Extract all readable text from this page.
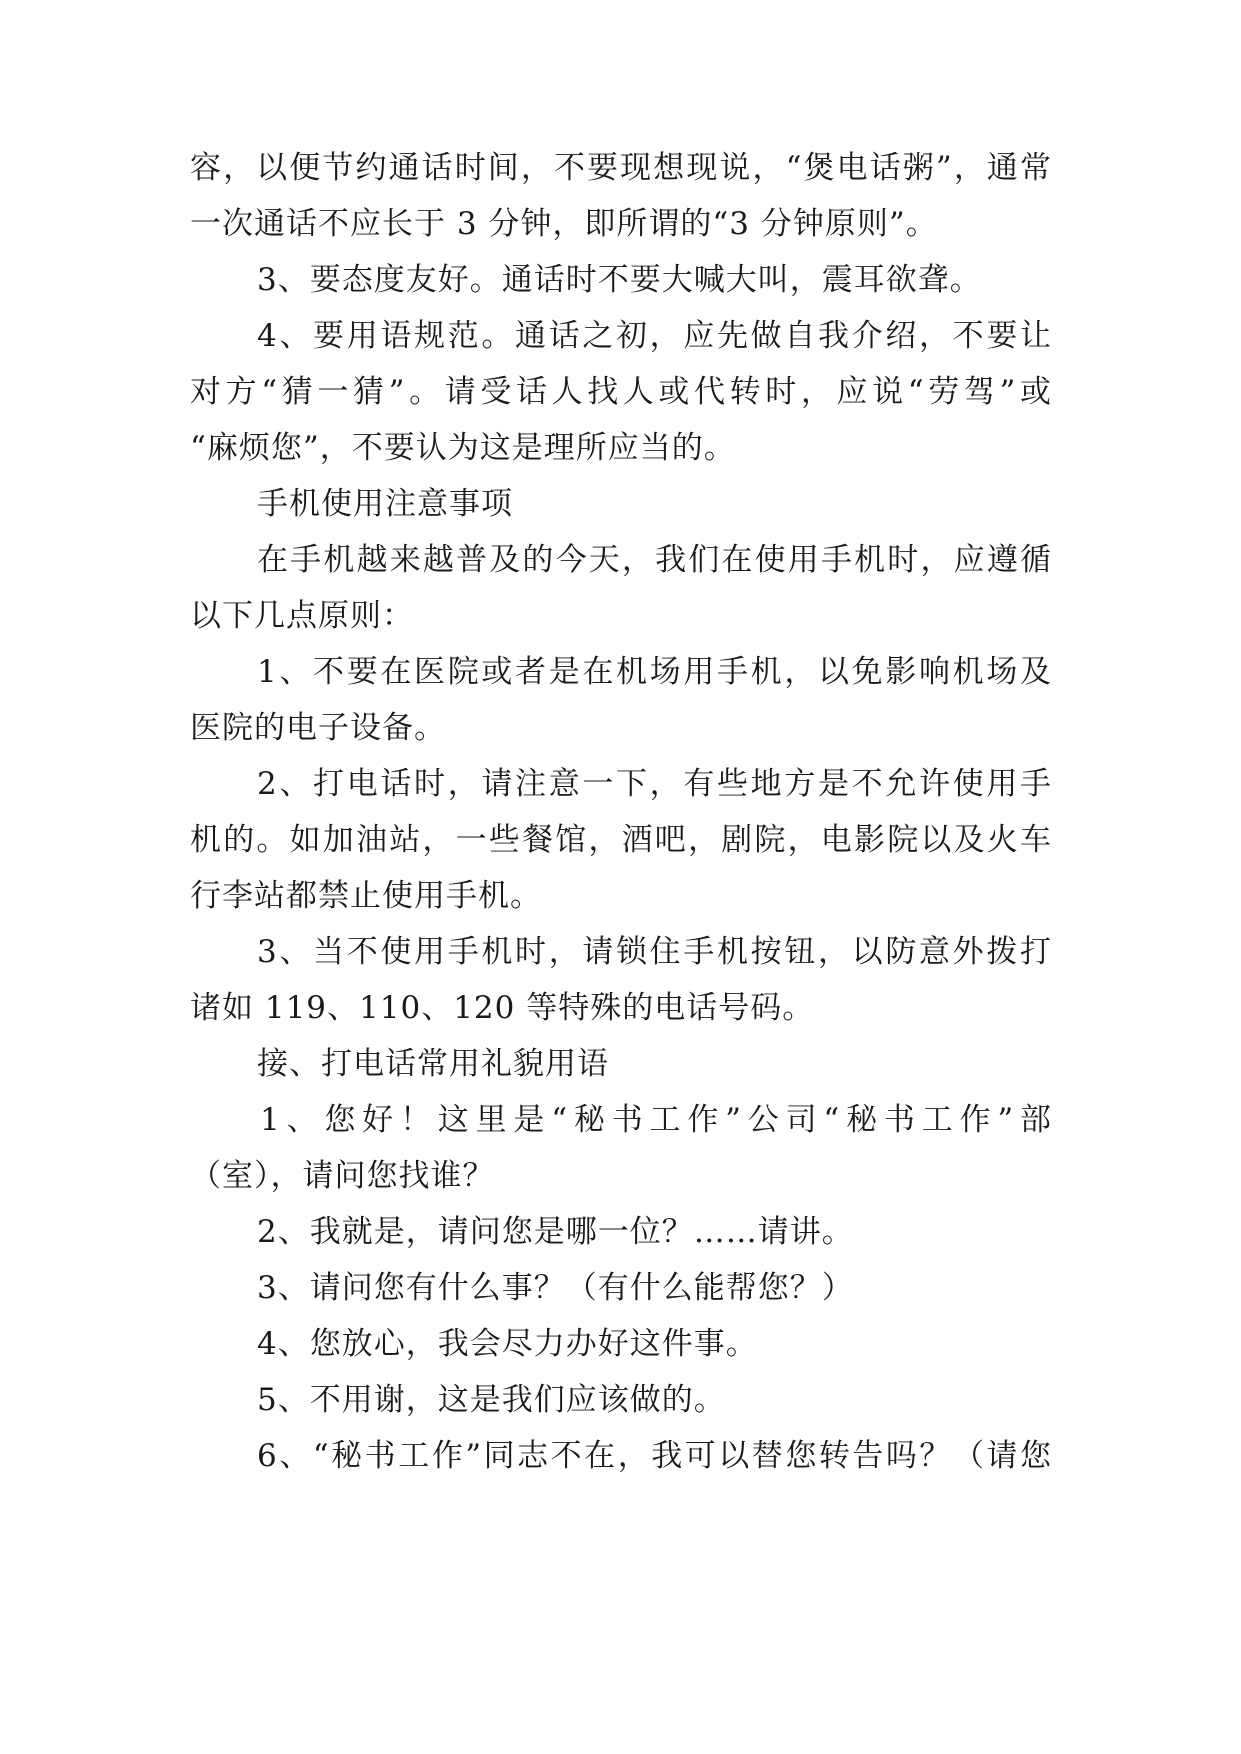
容，以便节约通话时间，不要现想现说，“煲电话粥”，通常
一次通话不应长于 3 分钟，即所谓的“3 分钟原则”。
3、要态度友好。通话时不要大喊大叫，震耳欲聋。
4、要用语规范。通话之初，应先做自我介绍，不要让
对方“猜一猜”。请受话人找人或代转时，应说“劳驾”或
“麻烦您”，不要认为这是理所应当的。
手机使用注意事项
在手机越来越普及的今天，我们在使用手机时，应遵循
以下几点原则：
1、不要在医院或者是在机场用手机，以免影响机场及
医院的电子设备。
2、打电话时，请注意一下，有些地方是不允许使用手
机的。如加油站，一些餐馆，酒吧，剧院，电影院以及火车
行李站都禁止使用手机。
3、当不使用手机时，请锁住手机按钮，以防意外拨打
诸如 119、110、120 等特殊的电话号码。
接、打电话常用礼貌用语
1、您好！这里是“秘书工作”公司“秘书工作”部
（室），请问您找谁？
2、我就是，请问您是哪一位？……请讲。
3、请问您有什么事？（有什么能帮您？）
4、您放心，我会尽力办好这件事。
5、不用谢，这是我们应该做的。
6、“秘书工作”同志不在，我可以替您转告吗？（请您
